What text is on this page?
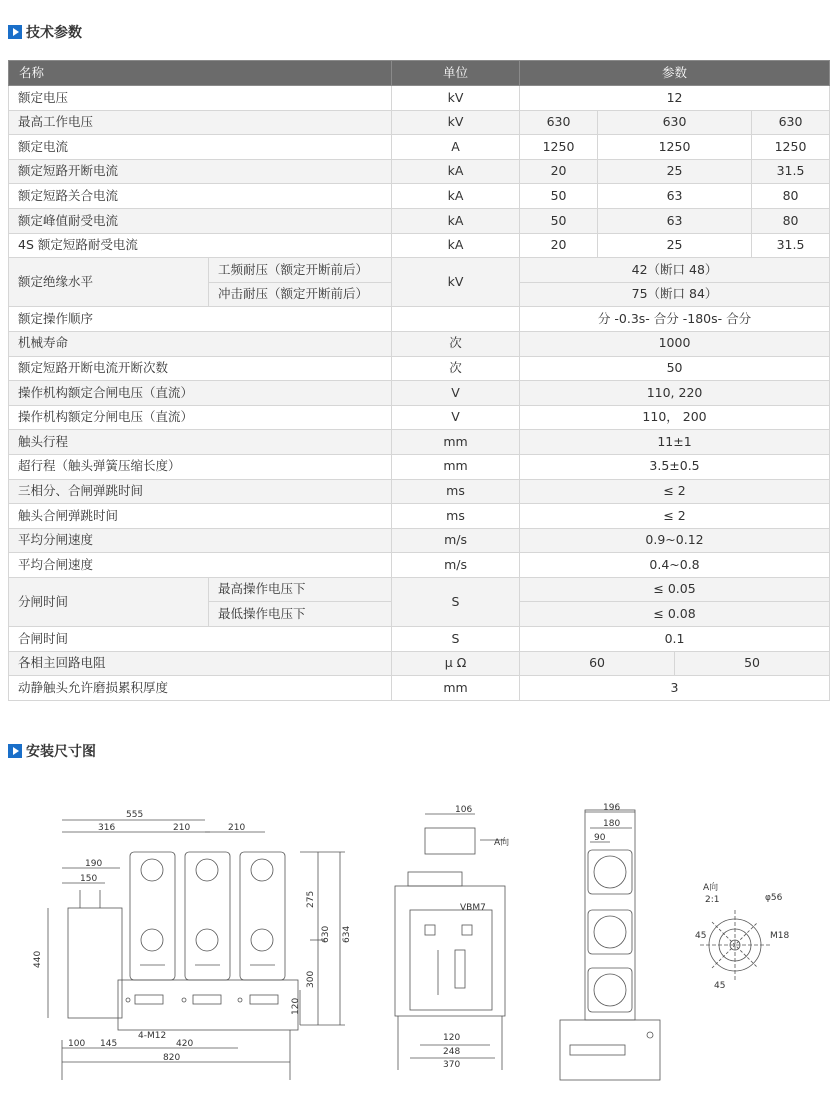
技术参数
名称		单位	参数			
额定电压		kV	12			
最高工作电压		kV	630	630		630
额定电流		A	1250	1250		1250
额定短路开断电流		kA	20	25		31.5
额定短路关合电流		kA	50	63		80
额定峰值耐受电流		kA	50	63		80
4S 额定短路耐受电流		kA	20	25		31.5
额定绝缘水平	工频耐压（额定开断前后）	kV	42（断口 48）			
	冲击耐压（额定开断前后）		75（断口 84）			
额定操作顺序			分 -0.3s- 合分 -180s- 合分			
机械寿命		次	1000			
额定短路开断电流开断次数		次	50			
操作机构额定合闸电压（直流）		V	110, 220			
操作机构额定分闸电压（直流）		V	110， 200			
触头行程		mm	11±1			
超行程（触头弹簧压缩长度）		mm	3.5±0.5			
三相分、合闸弹跳时间		ms	≤ 2			
触头合闸弹跳时间		ms	≤ 2			
平均分闸速度		m/s	0.9~0.12			
平均合闸速度		m/s	0.4~0.8			
分闸时间	最高操作电压下	S	≤ 0.05			
	最低操作电压下		≤ 0.08			
合闸时间		S	0.1			
各相主回路电阻		μ Ω	60		50	
动静触头允许磨损累积厚度		mm	3			
安装尺寸图
555
316	210	210
190
150
440
275
630 634
300
120
4-M12
100 145	420
820
106
A向
VBM7
120
248
370
196
180
90
A向
2:1	φ56
M18
45
45
